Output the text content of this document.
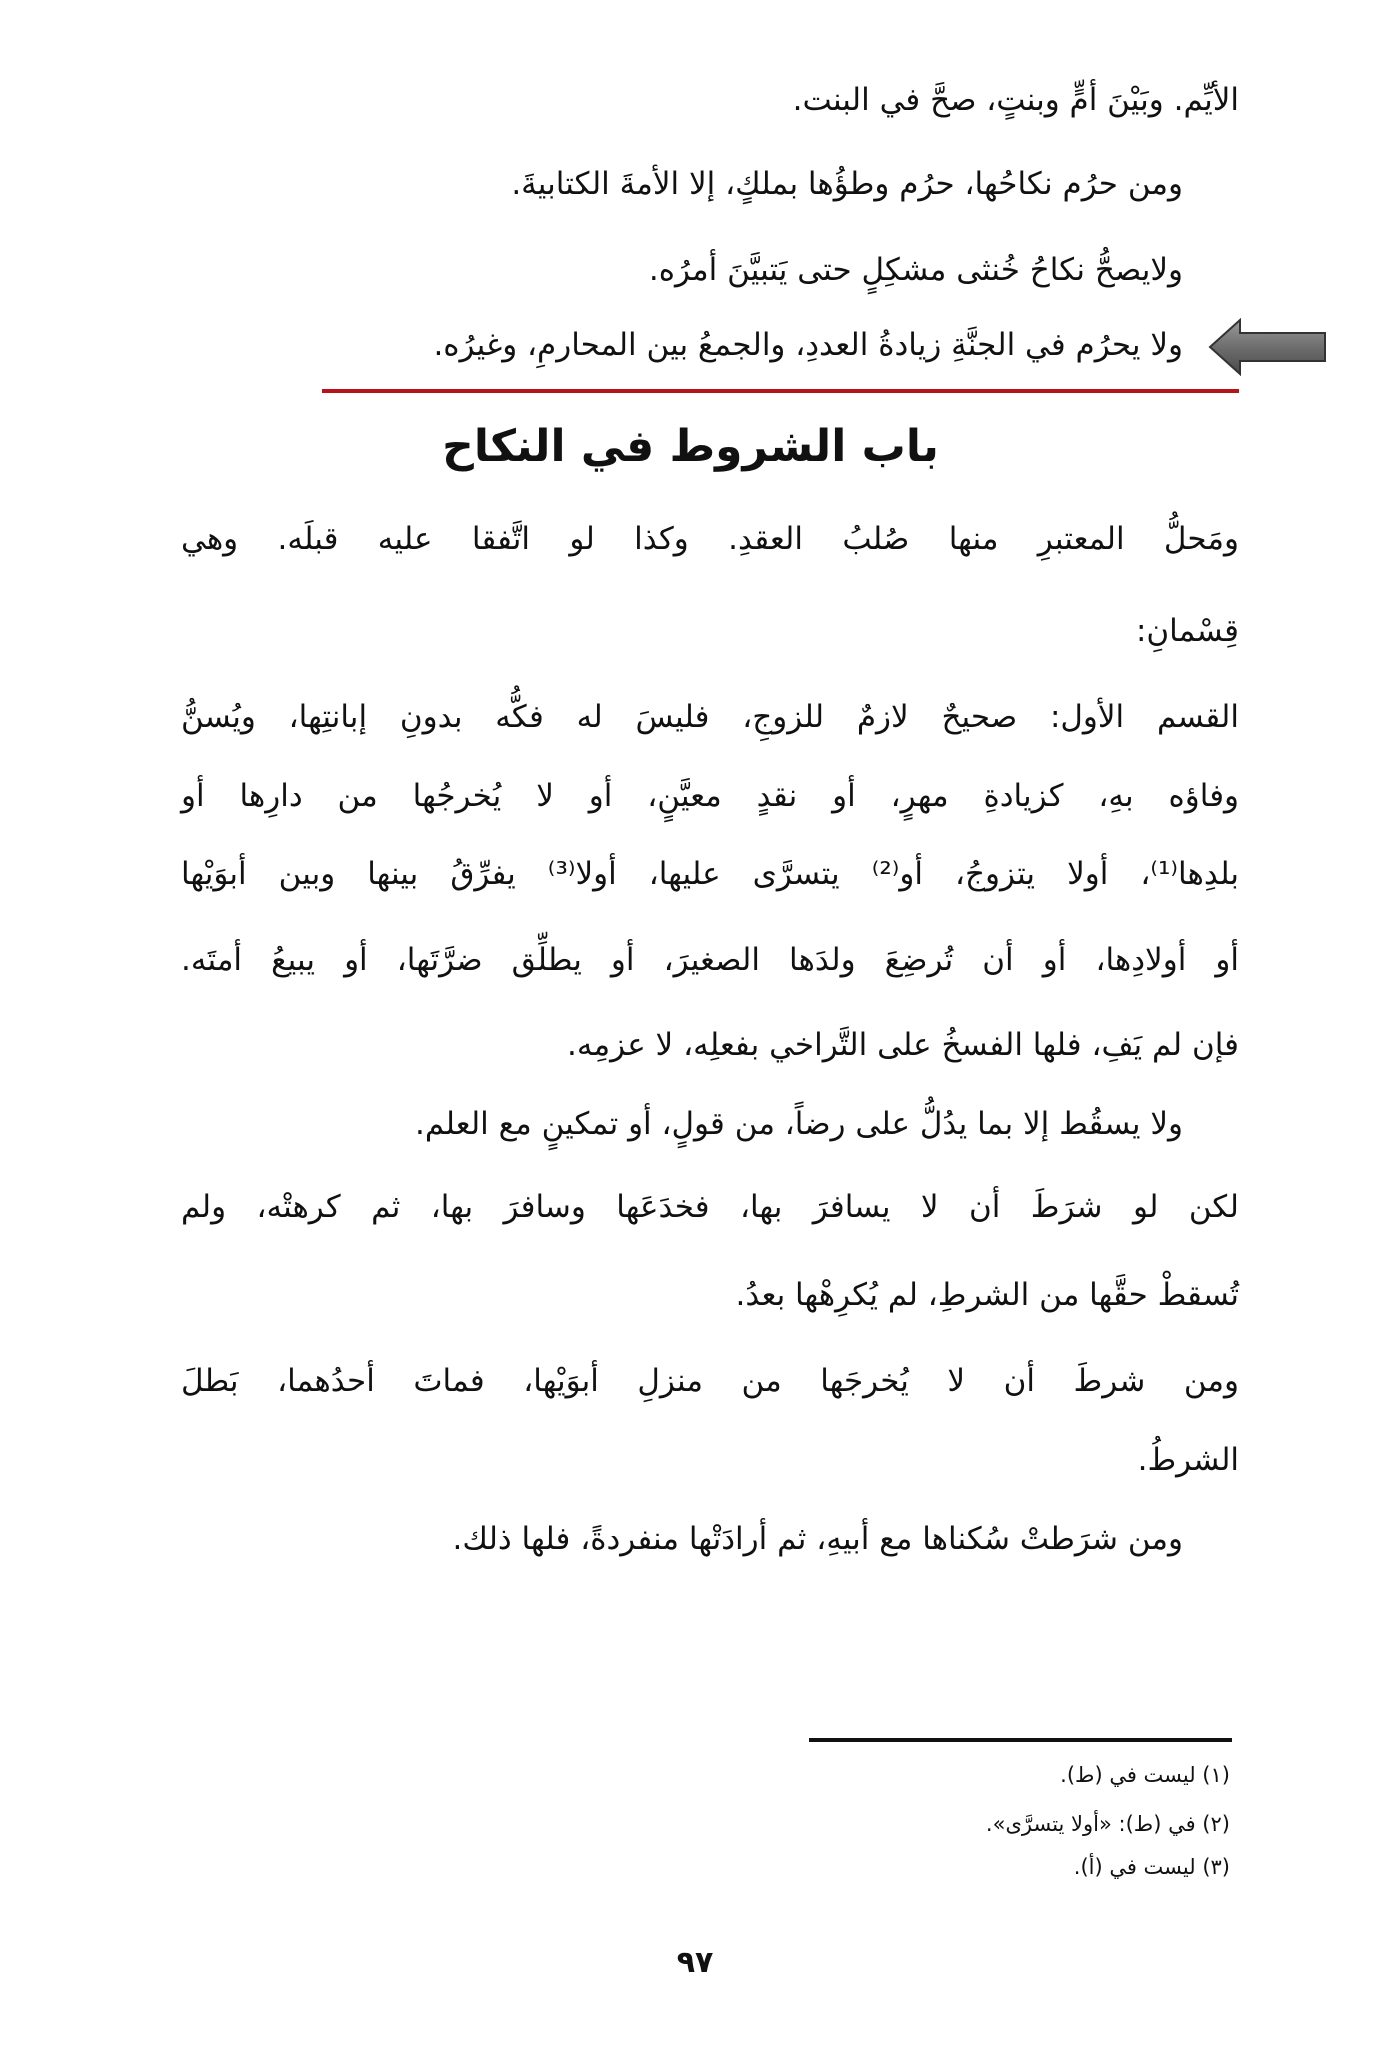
الأيِّم. وبَيْنَ أمٍّ وبنتٍ، صحَّ في البنت.
ومن حرُم نكاحُها، حرُم وطؤُها بملكٍ، إلا الأمةَ الكتابيةَ.
ولايصحُّ نكاحُ خُنثى مشكِلٍ حتى يَتبيَّنَ أمرُه.
ولا يحرُم في الجنَّةِ زيادةُ العددِ، والجمعُ بين المحارمِ، وغيرُه.
باب الشروط في النكاح
ومَحلُّ المعتبرِ منها صُلبُ العقدِ. وكذا لو اتَّفقا عليه قبلَه. وهي
قِسْمانِ:
القسم الأول: صحيحٌ لازمٌ للزوجِ، فليسَ له فكُّه بدونِ إبانتِها، ويُسنُّ
وفاؤه بهِ، كزيادةِ مهرٍ، أو نقدٍ معيَّنٍ، أو لا يُخرجُها من دارِها أو
بلدِها⁽¹⁾، أولا يتزوجُ، أو⁽²⁾ يتسرَّى عليها، أولا⁽³⁾ يفرِّقُ بينها وبين أبوَيْها
أو أولادِها، أو أن تُرضِعَ ولدَها الصغيرَ، أو يطلِّق ضرَّتَها، أو يبيعُ أمتَه.
فإن لم يَفِ، فلها الفسخُ على التَّراخي بفعلِه، لا عزمِه.
ولا يسقُط إلا بما يدُلُّ على رضاً، من قولٍ، أو تمكينٍ مع العلم.
لكن لو شرَطَ أن لا يسافرَ بها، فخدَعَها وسافرَ بها، ثم كرهتْه، ولم
تُسقطْ حقَّها من الشرطِ، لم يُكرِهْها بعدُ.
ومن شرطَ أن لا يُخرجَها من منزلِ أبوَيْها، فماتَ أحدُهما، بَطلَ
الشرطُ.
ومن شرَطتْ سُكناها مع أبيهِ، ثم أرادَتْها منفردةً، فلها ذلك.
(١) ليست في (ط).
(٢) في (ط): «أولا يتسرَّى».
(٣) ليست في (أ).
٩٧
